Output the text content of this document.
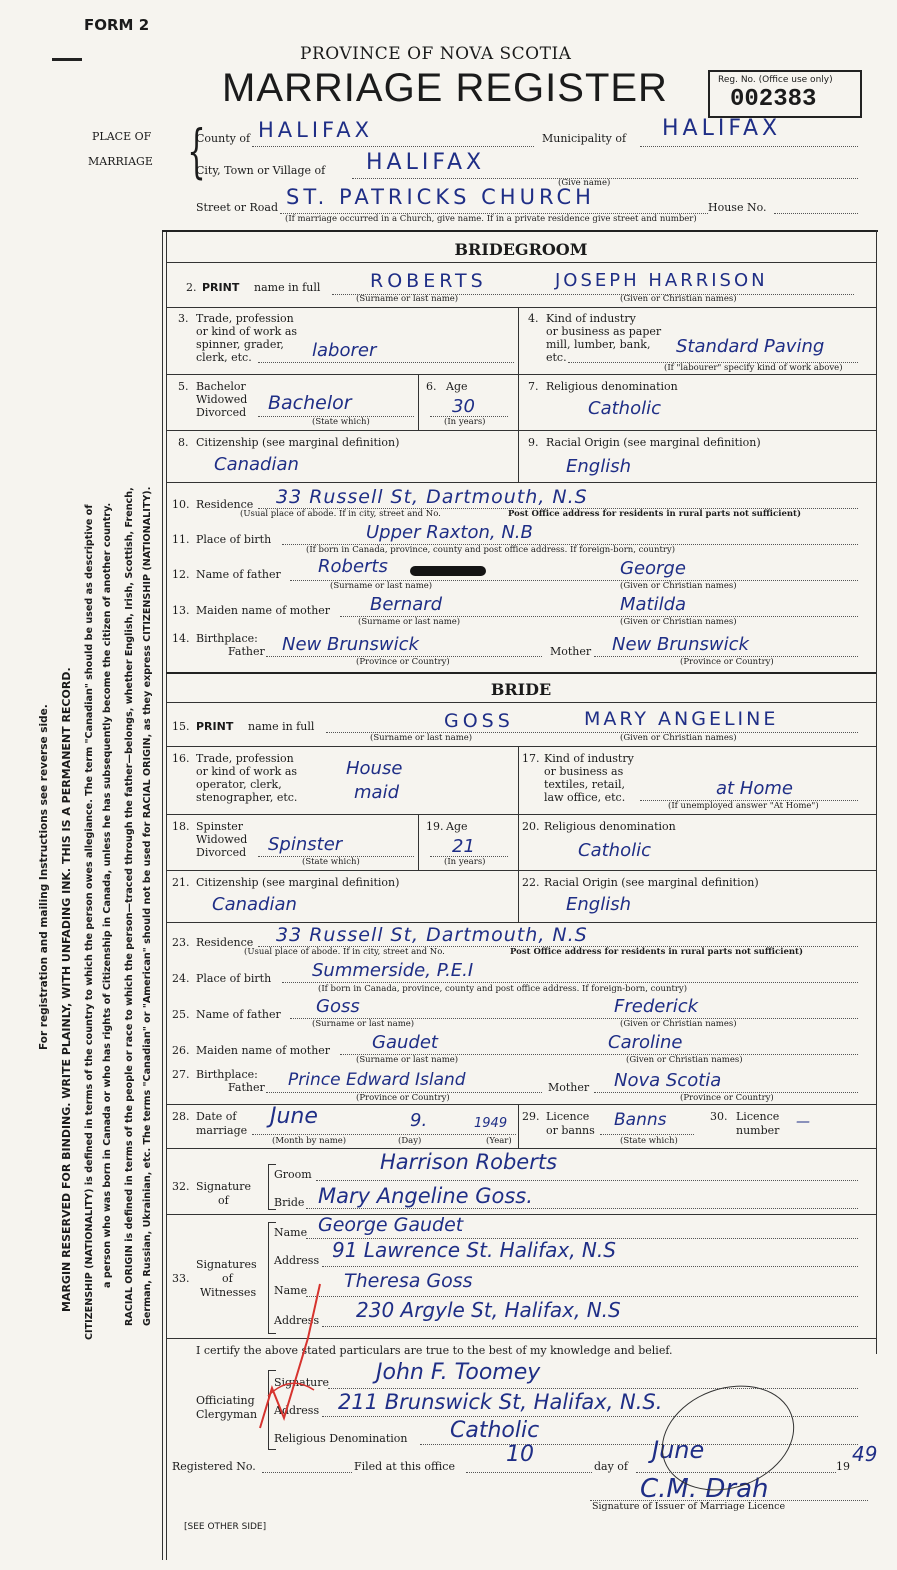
FORM 2
PROVINCE OF NOVA SCOTIA
MARRIAGE REGISTER	Reg. No. (Office use only)
002383
PLACE OF
MARRIAGE {
County of HALIFAX	Municipality of HALIFAX
City, Town or Village of HALIFAX
(Give name)
Street or Road ST. PATRICKS CHURCH	House No.
(If marriage occurred in a Church, give name. If in a private residence give street and number)
For registration and mailing Instructions see reverse side. MARGIN RESERVED FOR BINDING. WRITE PLAINLY, WITH UNFADING INK. THIS IS A PERMANENT RECORD. CITIZENSHIP (NATIONALITY) is defined in terms of the country to which the person owes allegiance. The term "Canadian" should be used as descriptive of a person who was born in Canada or who has rights of Citizenship in Canada, unless he has subsequently become the citizen of another country. RACIAL ORIGIN is defined in terms of the people or race to which the person—traced through the father—belongs, whether English, Irish, Scottish, French, German, Russian, Ukrainian, etc. The terms "Canadian" or "American" should not be used for RACIAL ORIGIN, as they express CITIZENSHIP (NATIONALITY).
BRIDEGROOM
2. PRINT name in full	ROBERTS	JOSEPH HARRISON
(Surname or last name)	(Given or Christian names)
3. Trade, profession
or kind of work as
spinner, grader,
clerk, etc.	laborer
4. Kind of industry
or business as paper
mill, lumber, bank,
etc.
Standard Paving
(If "labourer" specify kind of work above)
5. Bachelor
Widowed
Divorced Bachelor
(State which)
6. Age
30
(In years)
7. Religious denomination
Catholic
8. Citizenship (see marginal definition)
Canadian
9. Racial Origin (see marginal definition)
English
10. Residence 33 Russell St, Dartmouth, N.S
(Usual place of abode. If in city, street and No.	Post Office address for residents in rural parts not sufficient)
11. Place of birth	Upper Raxton, N.B
(If born in Canada, province, county and post office address. If foreign-born, country)
12. Name of father Roberts	George
(Surname or last name)	(Given or Christian names)
13. Maiden name of mother Bernard	Matilda
(Surname or last name)	(Given or Christian names)
14. Birthplace:
Father New Brunswick
(Province or Country)
Mother New Brunswick
(Province or Country)
BRIDE
15. PRINT name in full	GOSS	MARY ANGELINE
(Surname or last name)	(Given or Christian names)
16. Trade, profession
or kind of work as
operator, clerk,
stenographer, etc.
House
maid
17. Kind of industry
or business as
textiles, retail,
law office, etc.	at Home
(If unemployed answer "At Home")
18. Spinster
Widowed
Divorced Spinster
(State which)
19. Age
21
(In years)
20. Religious denomination
Catholic
21. Citizenship (see marginal definition)
Canadian
22. Racial Origin (see marginal definition)
English
23. Residence 33 Russell St, Dartmouth, N.S
(Usual place of abode. If in city, street and No.	Post Office address for residents in rural parts not sufficient)
24. Place of birth Summerside, P.E.I
(If born in Canada, province, county and post office address. If foreign-born, country)
25. Name of father Goss	Frederick
(Surname or last name)	(Given or Christian names)
26. Maiden name of mother Gaudet	Caroline
(Surname or last name)	(Given or Christian names)
27. Birthplace:
Father Prince Edward Island
(Province or Country)
Mother Nova Scotia
(Province or Country)
28. Date of
marriage
June	9.	1949
(Month by name)	(Day)	(Year)
29. Licence
or banns
Banns
(State which)
30. Licence
number
—
32. Signature
of
Groom
Harrison Roberts
Bride Mary Angeline Goss.
33.
Signatures
of
Witnesses
Name George Gaudet
Address 91 Lawrence St. Halifax, N.S
Name Theresa Goss
Address 230 Argyle St, Halifax, N.S
I certify the above stated particulars are true to the best of my knowledge and belief.
Officiating
Clergyman
Signature John F. Toomey
Address 211 Brunswick St, Halifax, N.S.
Religious Denomination Catholic
Registered No.	Filed at this office 10	day of
June
19
49
C.M. Drah
Signature of Issuer of Marriage Licence
[SEE OTHER SIDE]
